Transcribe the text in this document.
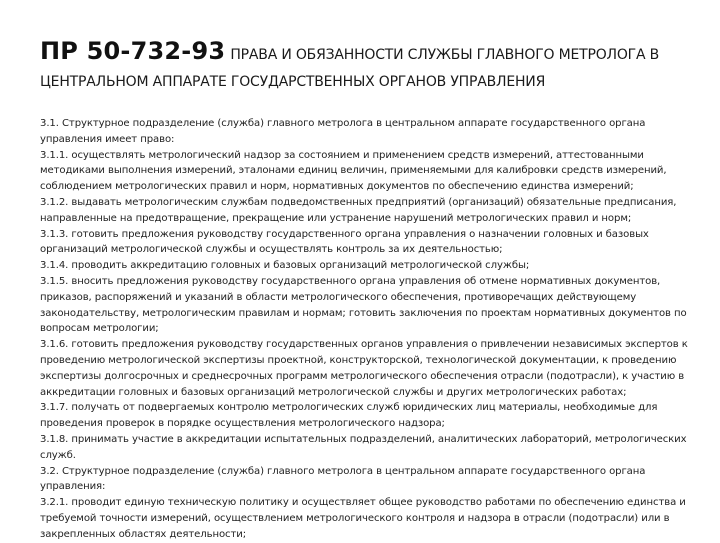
ПР 50-732-93 ПРАВА И ОБЯЗАННОСТИ СЛУЖБЫ ГЛАВНОГО МЕТРОЛОГА В ЦЕНТРАЛЬНОМ АППАРАТЕ ГОСУДАРСТВЕННЫХ ОРГАНОВ УПРАВЛЕНИЯ

3.1. Структурное подразделение (служба) главного метролога в центральном аппарате государственного органа управления имеет право:

3.1.1. осуществлять метрологический надзор за состоянием и применением средств измерений, аттестованными методиками выполнения измерений, эталонами единиц величин, применяемыми для калибровки средств измерений, соблюдением метрологических правил и норм, нормативных документов по обеспечению единства измерений;

3.1.2. выдавать метрологическим службам подведомственных предприятий (организаций) обязательные предписания, направленные на предотвращение, прекращение или устранение нарушений метрологических правил и норм;

3.1.3. готовить предложения руководству государственного органа управления о назначении головных и базовых организаций метрологической службы и осуществлять контроль за их деятельностью;

3.1.4. проводить аккредитацию головных и базовых организаций метрологической службы;

3.1.5. вносить предложения руководству государственного органа управления об отмене нормативных документов, приказов, распоряжений и указаний в области метрологического обеспечения, противоречащих действующему законодательству, метрологическим правилам и нормам; готовить заключения по проектам нормативных документов по вопросам метрологии;

3.1.6. готовить предложения руководству государственных органов управления о привлечении независимых экспертов к проведению метрологической экспертизы проектной, конструкторской, технологической документации, к проведению экспертизы долгосрочных и среднесрочных программ метрологического обеспечения отрасли (подотрасли), к участию в аккредитации головных и базовых организаций метрологической службы и других метрологических работах;

3.1.7. получать от подвергаемых контролю метрологических служб юридических лиц материалы, необходимые для проведения проверок в порядке осуществления метрологического надзора;

3.1.8. принимать участие в аккредитации испытательных подразделений, аналитических лабораторий, метрологических служб.

3.2. Структурное подразделение (служба) главного метролога в центральном аппарате государственного органа управления:

3.2.1. проводит единую техническую политику и осуществляет общее руководство работами по обеспечению единства и требуемой точности измерений, осуществлением метрологического контроля и надзора в отрасли (подотрасли) или в закрепленных областях деятельности;
